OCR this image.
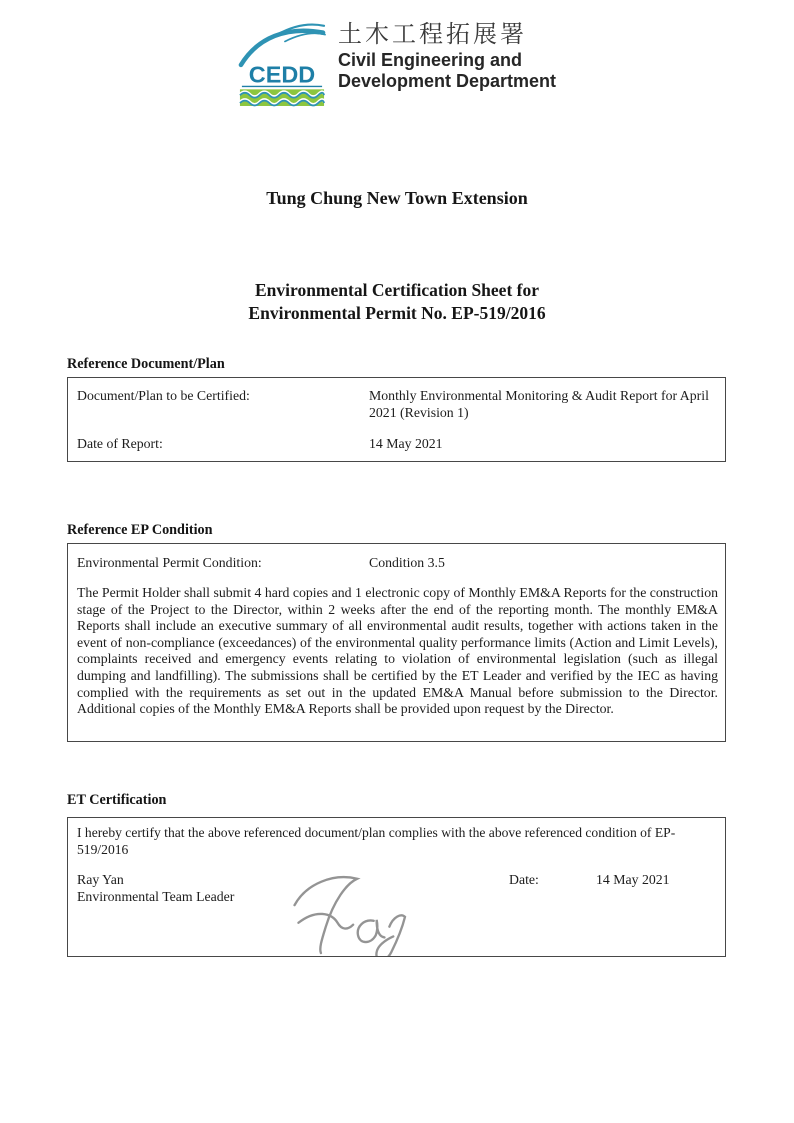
CEDD
土木工程拓展署
Civil Engineering and
Development Department
Tung Chung New Town Extension
Environmental Certification Sheet for
Environmental Permit No. EP-519/2016
Reference Document/Plan
Document/Plan to be Certified:	Monthly Environmental Monitoring & Audit Report for April 2021 (Revision 1)
Date of Report:	14 May 2021
Reference EP Condition
Environmental Permit Condition:	Condition 3.5
The Permit Holder shall submit 4 hard copies and 1 electronic copy of Monthly EM&A Reports for the construction stage of the Project to the Director, within 2 weeks after the end of the reporting month. The monthly EM&A Reports shall include an executive summary of all environmental audit results, together with actions taken in the event of non-compliance (exceedances) of the environmental quality performance limits (Action and Limit Levels), complaints received and emergency events relating to violation of environmental legislation (such as illegal dumping and landfilling). The submissions shall be certified by the ET Leader and verified by the IEC as having complied with the requirements as set out in the updated EM&A Manual before submission to the Director. Additional copies of the Monthly EM&A Reports shall be provided upon request by the Director.
ET Certification
I hereby certify that the above referenced document/plan complies with the above referenced condition of EP-519/2016
Ray Yan
Environmental Team Leader
Date:	14 May 2021
